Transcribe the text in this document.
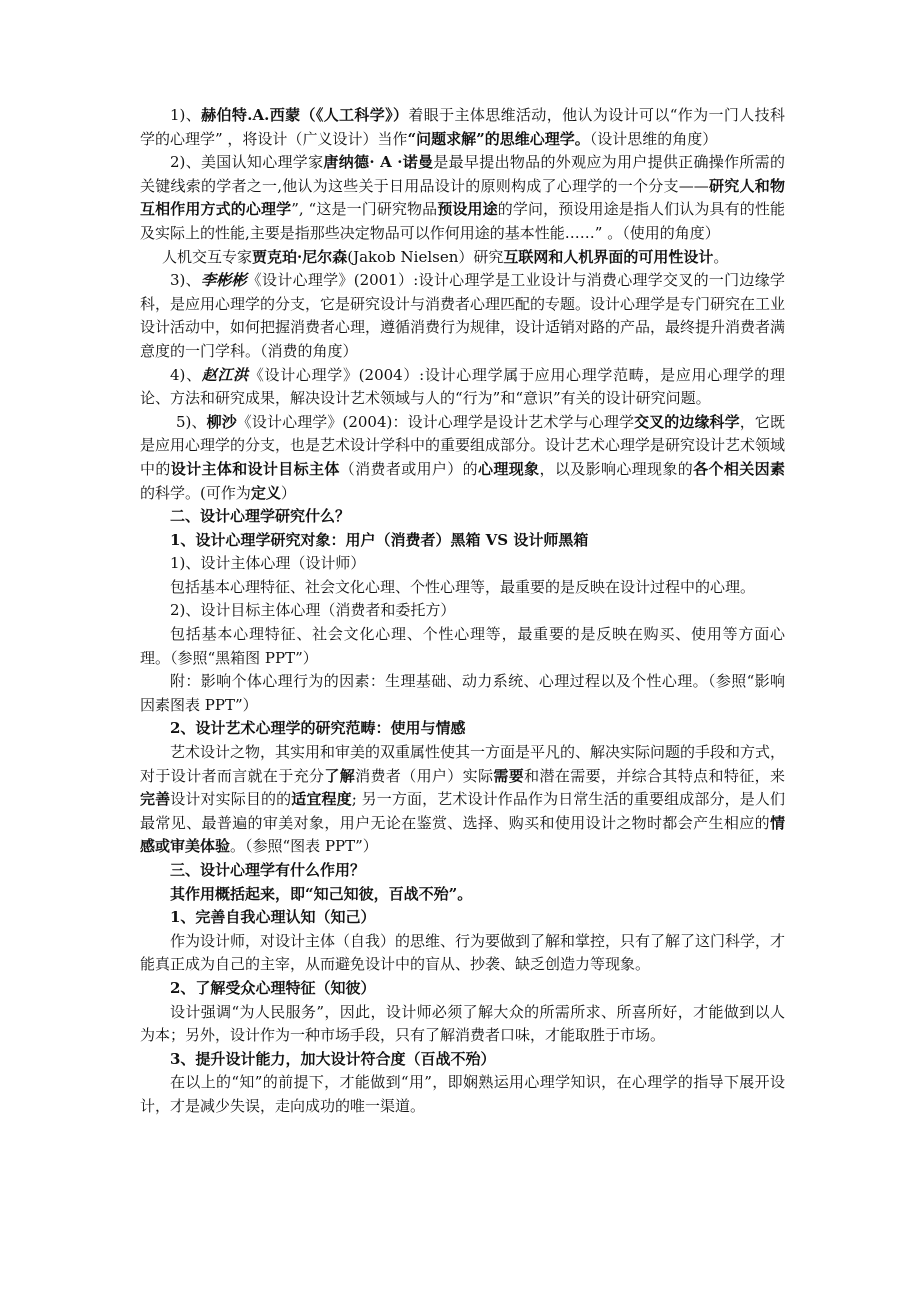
1)、赫伯特.A.西蒙（《人工科学》）着眼于主体思维活动，他认为设计可以“作为一门人技科学的心理学” ，将设计（广义设计）当作“问题求解”的思维心理学。（设计思维的角度）

2)、美国认知心理学家唐纳德· A ·诺曼是最早提出物品的外观应为用户提供正确操作所需的关键线索的学者之一,他认为这些关于日用品设计的原则构成了心理学的一个分支——研究人和物互相作用方式的心理学”, “这是一门研究物品预设用途的学问，预设用途是指人们认为具有的性能及实际上的性能,主要是指那些决定物品可以作何用途的基本性能……” 。（使用的角度）

人机交互专家贾克珀·尼尔森(Jakob Nielsen）研究互联网和人机界面的可用性设计。

3)、李彬彬《设计心理学》(2001）:设计心理学是工业设计与消费心理学交叉的一门边缘学科，是应用心理学的分支，它是研究设计与消费者心理匹配的专题。设计心理学是专门研究在工业设计活动中，如何把握消费者心理，遵循消费行为规律，设计适销对路的产品，最终提升消费者满意度的一门学科。（消费的角度）

4)、赵江洪《设计心理学》(2004）:设计心理学属于应用心理学范畴，是应用心理学的理论、方法和研究成果，解决设计艺术领域与人的“行为”和“意识”有关的设计研究问题。

5)、柳沙《设计心理学》(2004)：设计心理学是设计艺术学与心理学交叉的边缘科学，它既是应用心理学的分支，也是艺术设计学科中的重要组成部分。设计艺术心理学是研究设计艺术领域中的设计主体和设计目标主体（消费者或用户）的心理现象，以及影响心理现象的各个相关因素的科学。(可作为定义）

二、设计心理学研究什么？

1、设计心理学研究对象：用户（消费者）黑箱 VS 设计师黑箱

1)、设计主体心理（设计师）

包括基本心理特征、社会文化心理、个性心理等，最重要的是反映在设计过程中的心理。

2)、设计目标主体心理（消费者和委托方）

包括基本心理特征、社会文化心理、个性心理等，最重要的是反映在购买、使用等方面心理。（参照“黑箱图 PPT”）

附：影响个体心理行为的因素：生理基础、动力系统、心理过程以及个性心理。（参照“影响因素图表 PPT”）

2、设计艺术心理学的研究范畴：使用与情感

艺术设计之物，其实用和审美的双重属性使其一方面是平凡的、解决实际问题的手段和方式，对于设计者而言就在于充分了解消费者（用户）实际需要和潜在需要，并综合其特点和特征，来完善设计对实际目的的适宜程度; 另一方面，艺术设计作品作为日常生活的重要组成部分，是人们最常见、最普遍的审美对象，用户无论在鉴赏、选择、购买和使用设计之物时都会产生相应的情感或审美体验。（参照“图表 PPT”）

三、设计心理学有什么作用？

其作用概括起来，即“知己知彼，百战不殆”。

1、完善自我心理认知（知己）

作为设计师，对设计主体（自我）的思维、行为要做到了解和掌控，只有了解了这门科学，才能真正成为自己的主宰，从而避免设计中的盲从、抄袭、缺乏创造力等现象。

2、了解受众心理特征（知彼）

设计强调“为人民服务”，因此，设计师必须了解大众的所需所求、所喜所好，才能做到以人为本；另外，设计作为一种市场手段，只有了解消费者口味，才能取胜于市场。

3、提升设计能力，加大设计符合度（百战不殆）

在以上的“知”的前提下，才能做到“用”，即娴熟运用心理学知识，在心理学的指导下展开设计，才是减少失误，走向成功的唯一渠道。
